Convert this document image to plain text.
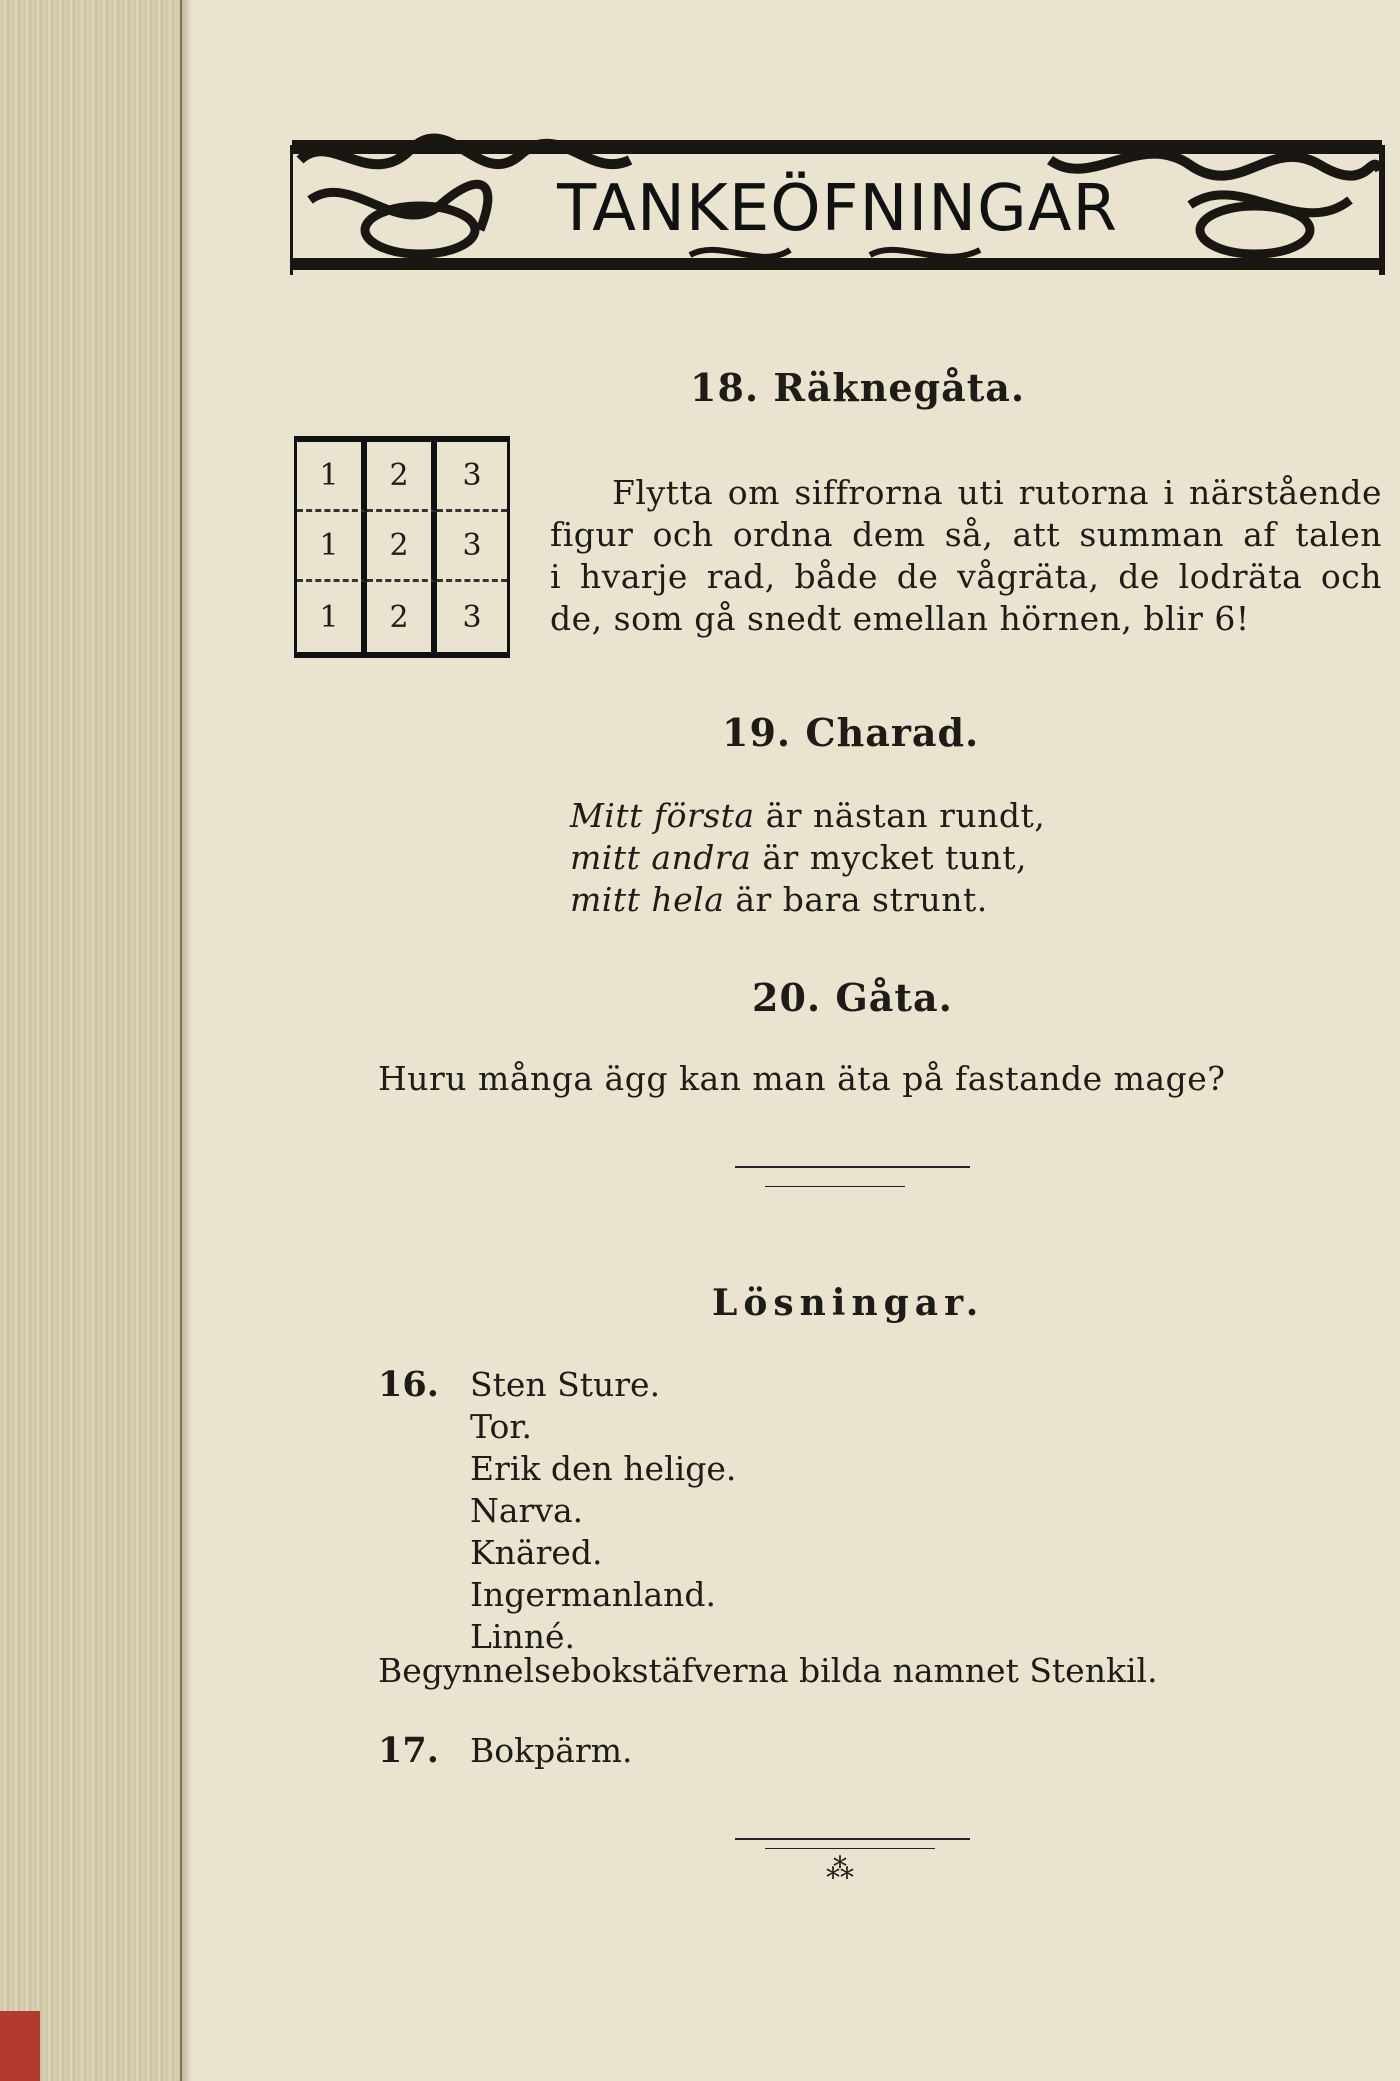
TANKEÖFNINGAR
18. Räknegåta.
1	2	3
1	2	3
1	2	3
Flytta om siffrorna uti rutorna i närstående
figur och ordna dem så, att summan af talen
i hvarje rad, både de vågräta, de lodräta och
de, som gå snedt emellan hörnen, blir 6!
19. Charad.
Mitt första är nästan rundt,
mitt andra är mycket tunt,
mitt hela är bara strunt.
20. Gåta.
Huru många ägg kan man äta på fastande mage?
Lösningar.
16. Sten Sture.
Tor.
Erik den helige.
Narva.
Knäred.
Ingermanland.
Linné.
Begynnelsebokstäfverna bilda namnet Stenkil.
17. Bokpärm.
⁂
